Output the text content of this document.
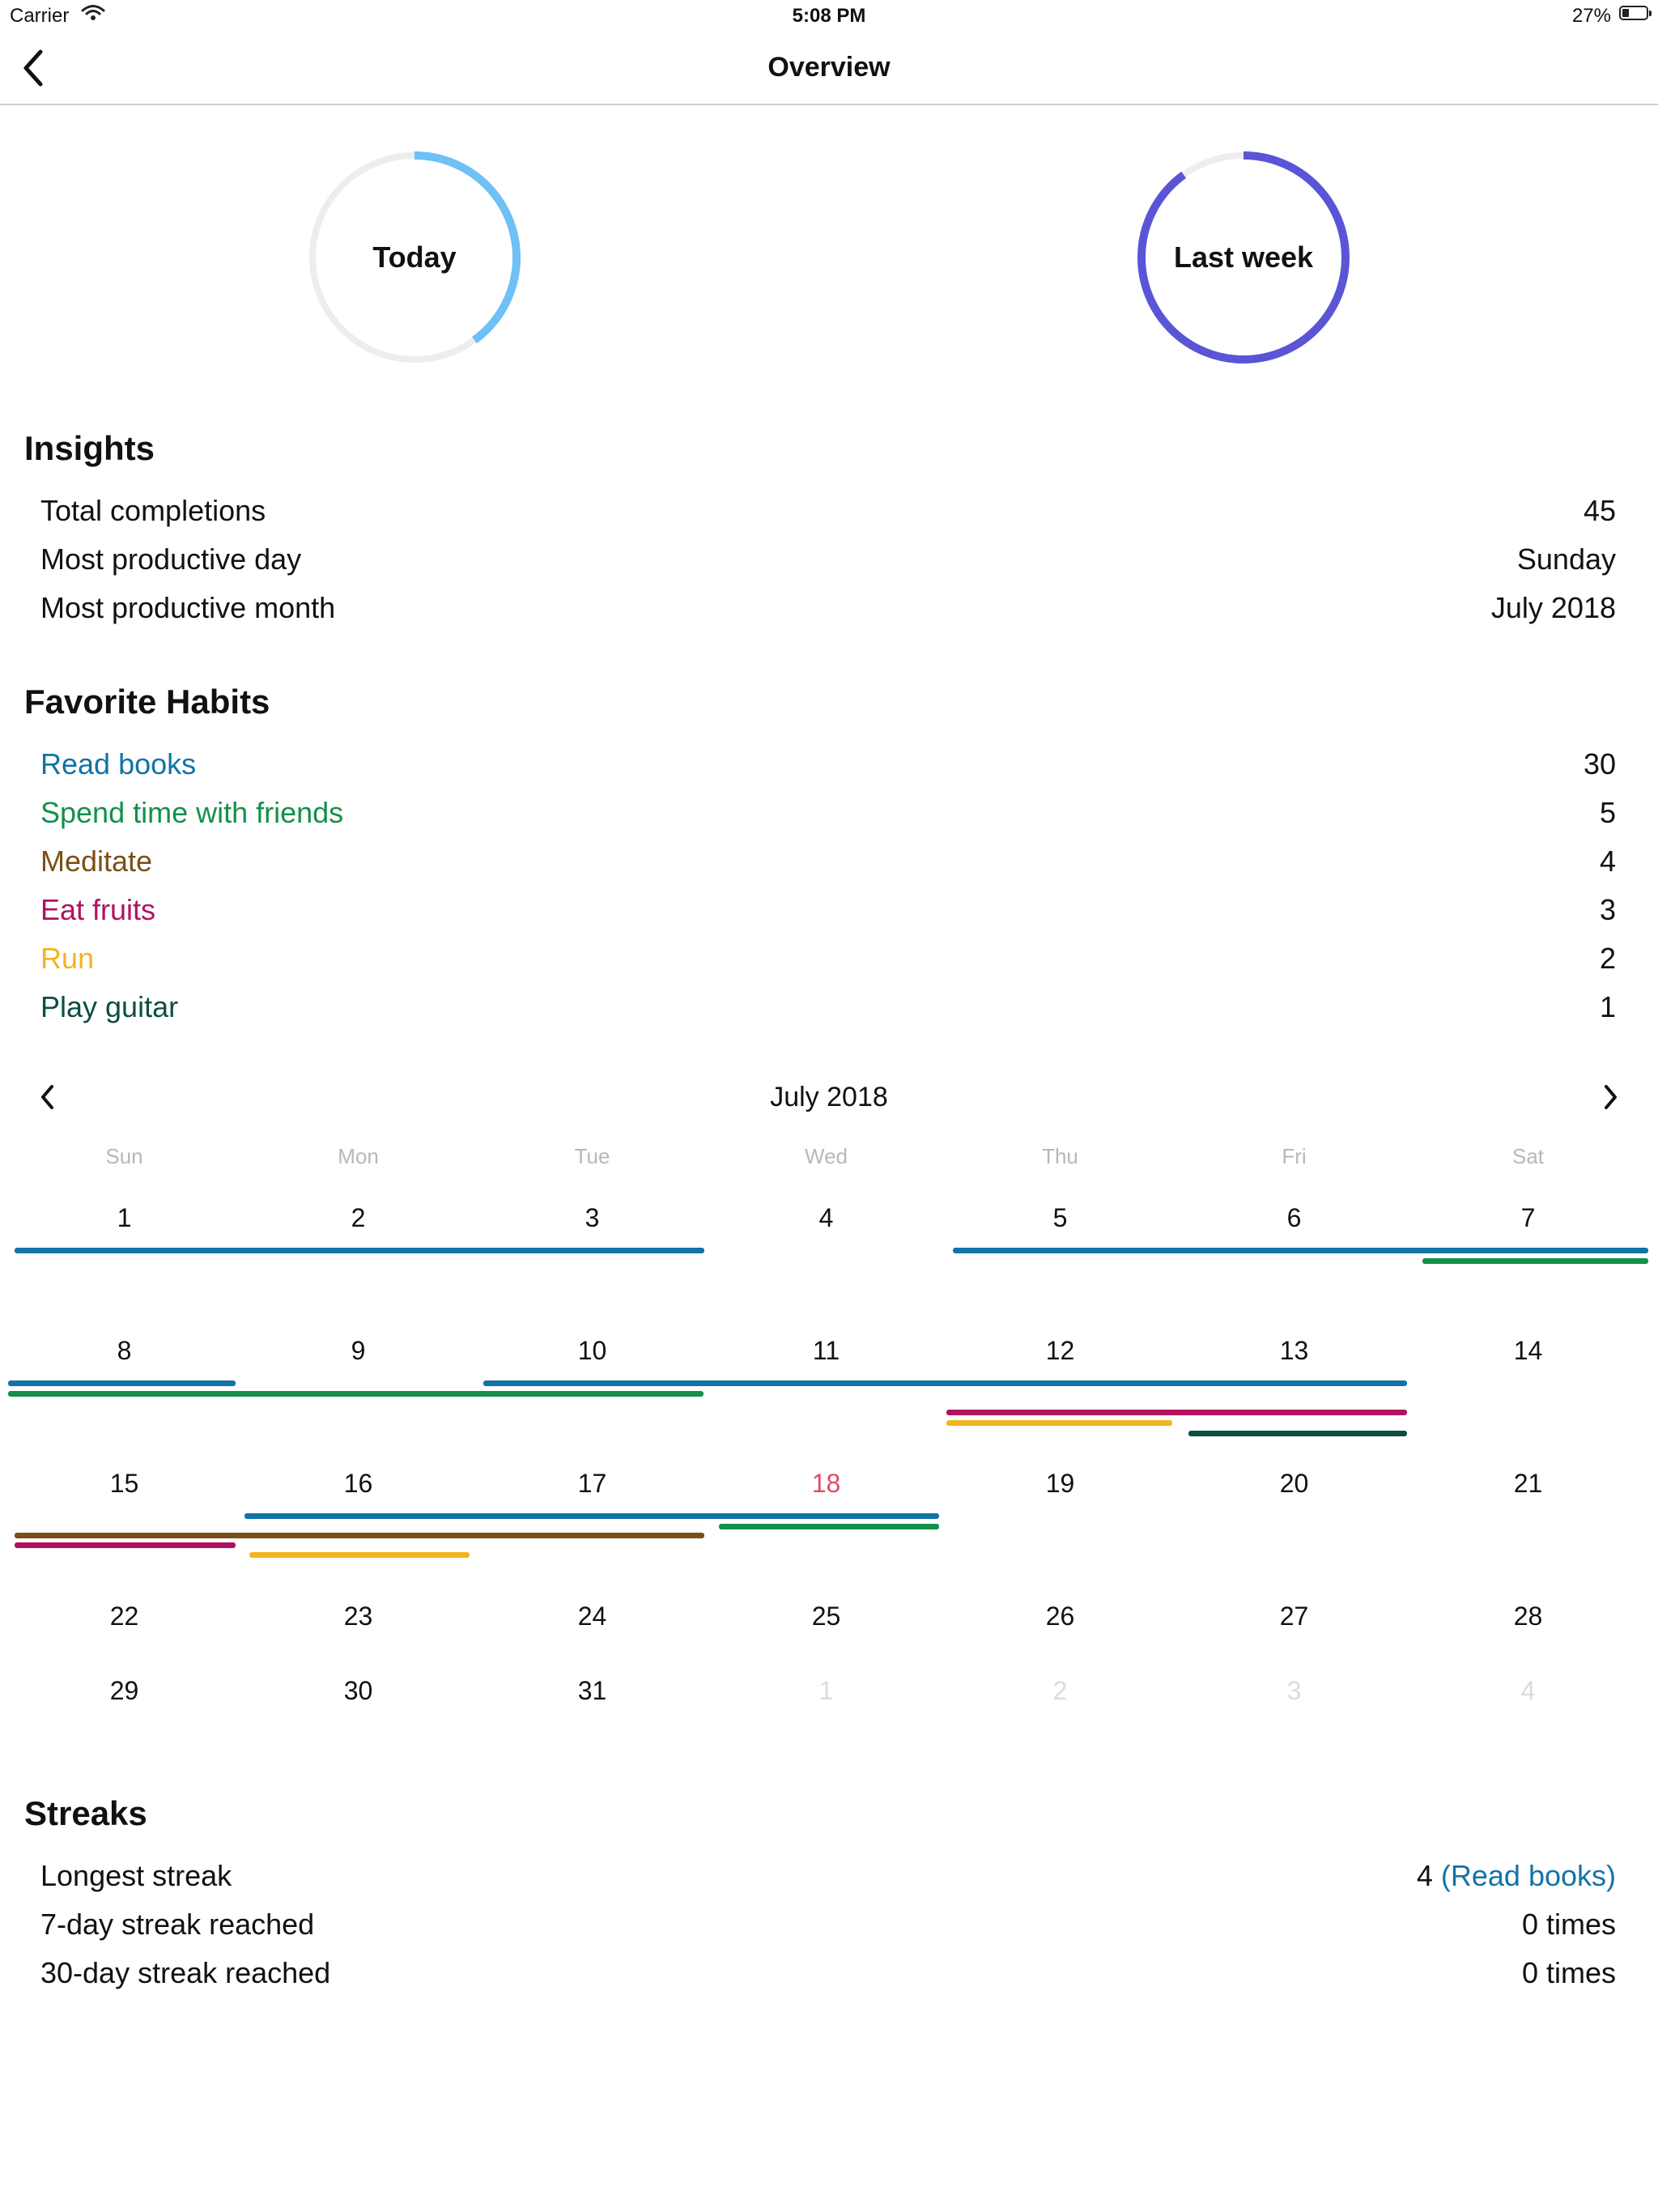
Carrier	5:08 PM	27%
Overview
Today	Last week
Insights
Total completions	45
Most productive day	Sunday
Most productive month	July 2018
Favorite Habits
Read books	30
Spend time with friends	5
Meditate	4
Eat fruits	3
Run	2
Play guitar	1
July 2018
Sun	Mon	Tue	Wed	Thu	Fri	Sat
1	2	3	4	5	6	7
8	9	10	11	12	13	14
15	16	17	18	19	20	21
22	23	24	25	26	27	28
29	30	31	1	2	3	4
Streaks
Longest streak	4 (Read books)
7-day streak reached	0 times
30-day streak reached	0 times
